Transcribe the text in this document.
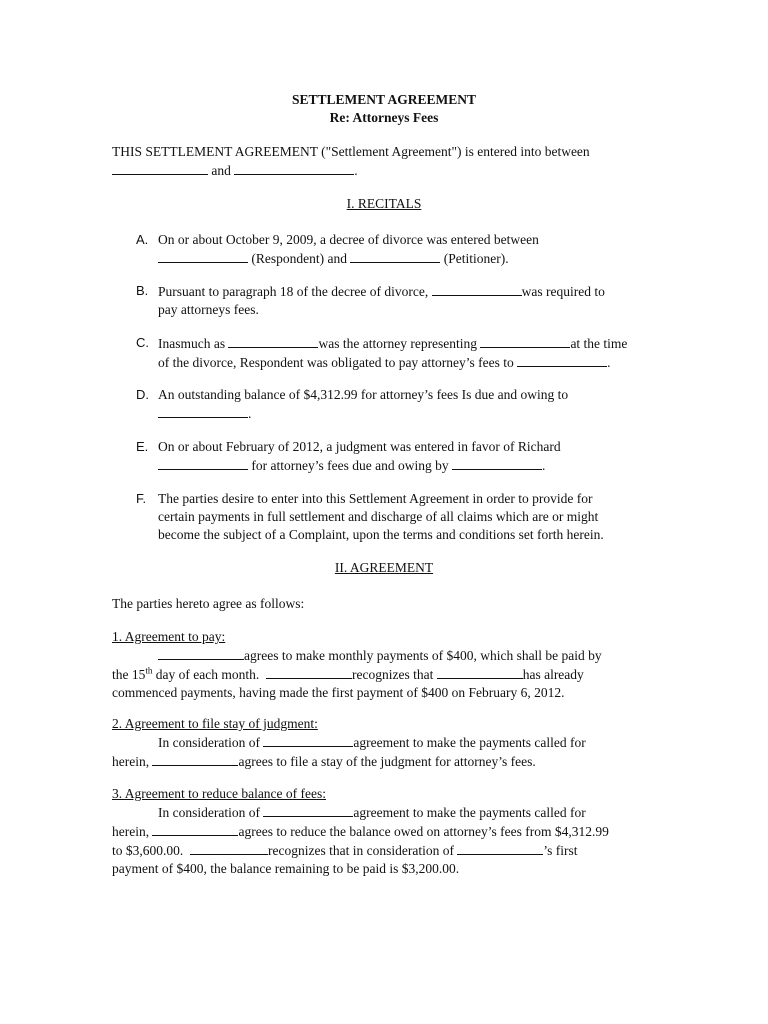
SETTLEMENT AGREEMENT
Re: Attorneys Fees
THIS SETTLEMENT AGREEMENT ("Settlement Agreement") is entered into between
and	.
I. RECITALS
A. On or about October 9, 2009, a decree of divorce was entered between
(Respondent) and	(Petitioner).
B. Pursuant to paragraph 18 of the decree of divorce,	was required to
pay attorneys fees.
C. Inasmuch as	was the attorney representing	at the time
of the divorce, Respondent was obligated to pay attorney’s fees to	.
D. An outstanding balance of $4,312.99 for attorney’s fees Is due and owing to
.
E. On or about February of 2012, a judgment was entered in favor of Richard
for attorney’s fees due and owing by	.
F. The parties desire to enter into this Settlement Agreement in order to provide for
certain payments in full settlement and discharge of all claims which are or might
become the subject of a Complaint, upon the terms and conditions set forth herein.
II. AGREEMENT
The parties hereto agree as follows:
1. Agreement to pay:
agrees to make monthly payments of $400, which shall be paid by
the 15th day of each month.	recognizes that	has already
commenced payments, having made the first payment of $400 on February 6, 2012.
2. Agreement to file stay of judgment:
In consideration of	agreement to make the payments called for
herein,	agrees to file a stay of the judgment for attorney’s fees.
3. Agreement to reduce balance of fees:
In consideration of	agreement to make the payments called for
herein,	agrees to reduce the balance owed on attorney’s fees from $4,312.99
to $3,600.00.	recognizes that in consideration of	’s first
payment of $400, the balance remaining to be paid is $3,200.00.
